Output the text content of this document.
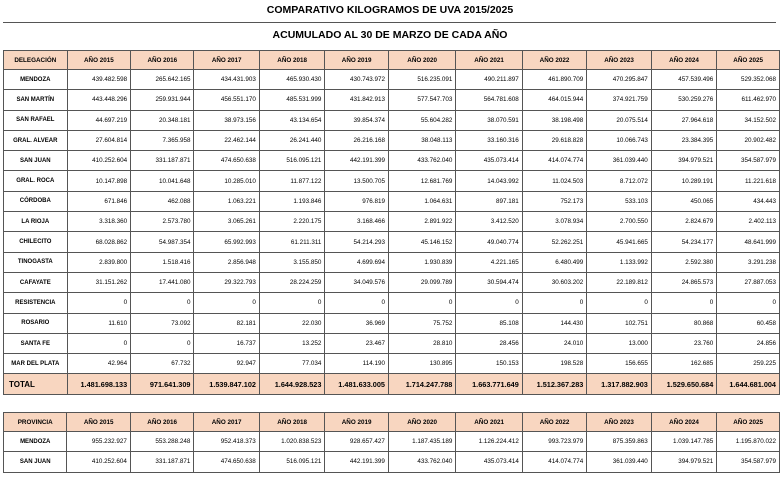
COMPARATIVO KILOGRAMOS DE UVA 2015/2025
ACUMULADO AL 30 DE MARZO DE CADA AÑO
DELEGACIÓN	AÑO 2015	AÑO 2016	AÑO 2017	AÑO 2018	AÑO 2019	AÑO 2020	AÑO 2021	AÑO 2022	AÑO 2023	AÑO 2024	AÑO 2025
MENDOZA	439.482.598	265.642.165	434.431.903	465.930.430	430.743.972	516.235.091	490.211.897	461.890.709	470.295.847	457.539.496	529.352.068
SAN MARTÍN	443.448.296	259.931.944	456.551.170	485.531.999	431.842.913	577.547.703	564.781.608	464.015.944	374.921.759	530.259.276	611.462.970
SAN RAFAEL	44.697.219	20.348.181	38.973.156	43.134.654	39.854.374	55.604.282	38.070.591	38.198.498	20.075.514	27.964.618	34.152.502
GRAL. ALVEAR	27.604.814	7.365.958	22.462.144	26.241.440	26.216.168	38.048.113	33.160.316	29.618.828	10.066.743	23.384.395	20.902.482
SAN JUAN	410.252.604	331.187.871	474.650.638	516.095.121	442.191.399	433.762.040	435.073.414	414.074.774	361.039.440	394.979.521	354.587.979
GRAL. ROCA	10.147.898	10.041.648	10.285.010	11.877.122	13.500.705	12.681.769	14.043.992	11.024.503	8.712.072	10.289.191	11.221.618
CÓRDOBA	671.846	462.088	1.063.221	1.193.846	976.819	1.064.631	897.181	752.173	533.103	450.065	434.443
LA RIOJA	3.318.360	2.573.780	3.065.261	2.220.175	3.168.466	2.891.922	3.412.520	3.078.934	2.700.550	2.824.679	2.402.113
CHILECITO	68.028.862	54.987.354	65.992.993	61.211.311	54.214.293	45.146.152	49.040.774	52.262.251	45.941.665	54.234.177	48.641.999
TINOGASTA	2.839.800	1.518.416	2.856.948	3.155.850	4.699.694	1.930.839	4.221.165	6.480.499	1.133.992	2.592.380	3.291.238
CAFAYATE	31.151.262	17.441.080	29.322.793	28.224.259	34.049.576	29.099.789	30.594.474	30.603.202	22.189.812	24.865.573	27.887.053
RESISTENCIA	0	0	0	0	0	0	0	0	0	0	0
ROSARIO	11.610	73.092	82.181	22.030	36.969	75.752	85.108	144.430	102.751	80.868	60.458
SANTA FE	0	0	16.737	13.252	23.467	28.810	28.456	24.010	13.000	23.760	24.856
MAR DEL PLATA	42.964	67.732	92.947	77.034	114.190	130.895	150.153	198.528	156.655	162.685	259.225
TOTAL	1.481.698.133	971.641.309	1.539.847.102	1.644.928.523	1.481.633.005	1.714.247.788	1.663.771.649	1.512.367.283	1.317.882.903	1.529.650.684	1.644.681.004
PROVINCIA	AÑO 2015	AÑO 2016	AÑO 2017	AÑO 2018	AÑO 2019	AÑO 2020	AÑO 2021	AÑO 2022	AÑO 2023	AÑO 2024	AÑO 2025
MENDOZA	955.232.927	553.288.248	952.418.373	1.020.838.523	928.657.427	1.187.435.189	1.126.224.412	993.723.979	875.359.863	1.039.147.785	1.195.870.022
SAN JUAN	410.252.604	331.187.871	474.650.638	516.095.121	442.191.399	433.762.040	435.073.414	414.074.774	361.039.440	394.979.521	354.587.979
